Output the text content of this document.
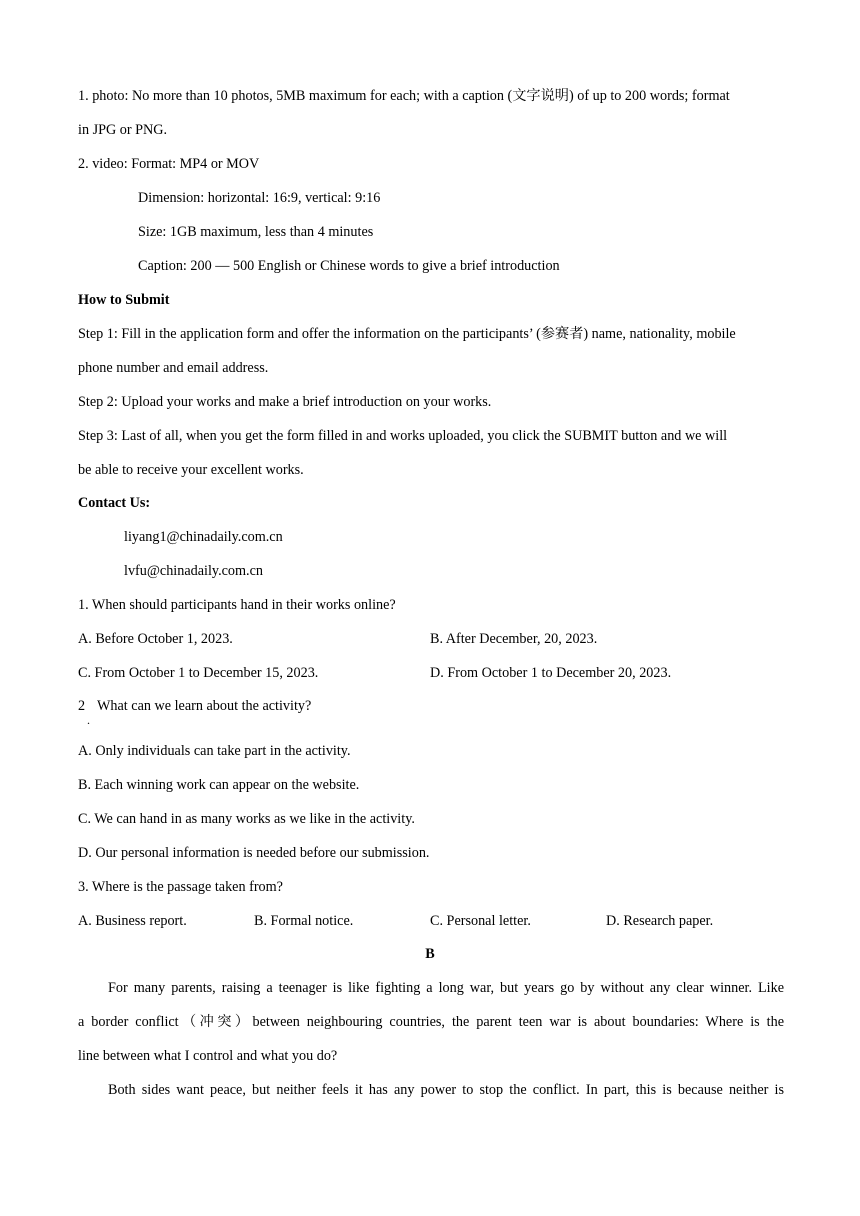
1. photo: No more than 10 photos, 5MB maximum for each; with a caption (文字说明) of up to 200 words; format
in JPG or PNG.
2. video: Format: MP4 or MOV
Dimension: horizontal: 16:9, vertical: 9:16
Size: 1GB maximum, less than 4 minutes
Caption: 200 — 500 English or Chinese words to give a brief introduction
How to Submit
Step 1: Fill in the application form and offer the information on the participants’ (参赛者) name, nationality, mobile
phone number and email address.
Step 2: Upload your works and make a brief introduction on your works.
Step 3: Last of all, when you get the form filled in and works uploaded, you click the SUBMIT button and we will
be able to receive your excellent works.
Contact Us:
liyang1@chinadaily.com.cn
lvfu@chinadaily.com.cn
1. When should participants hand in their works online?
A. Before October 1, 2023.	B. After December, 20, 2023.
C. From October 1 to December 15, 2023.	D. From October 1 to December 20, 2023.
2
.
What can we learn about the activity?
A. Only individuals can take part in the activity.
B. Each winning work can appear on the website.
C. We can hand in as many works as we like in the activity.
D. Our personal information is needed before our submission.
3. Where is the passage taken from?
A. Business report.	B. Formal notice.	C. Personal letter.	D. Research paper.
B
For many parents, raising a teenager is like fighting a long war, but years go by without any clear winner. Like
a border conflict（冲突）between neighbouring countries, the parent teen war is about boundaries: Where is the
line between what I control and what you do?
Both sides want peace, but neither feels it has any power to stop the conflict. In part, this is because neither is
